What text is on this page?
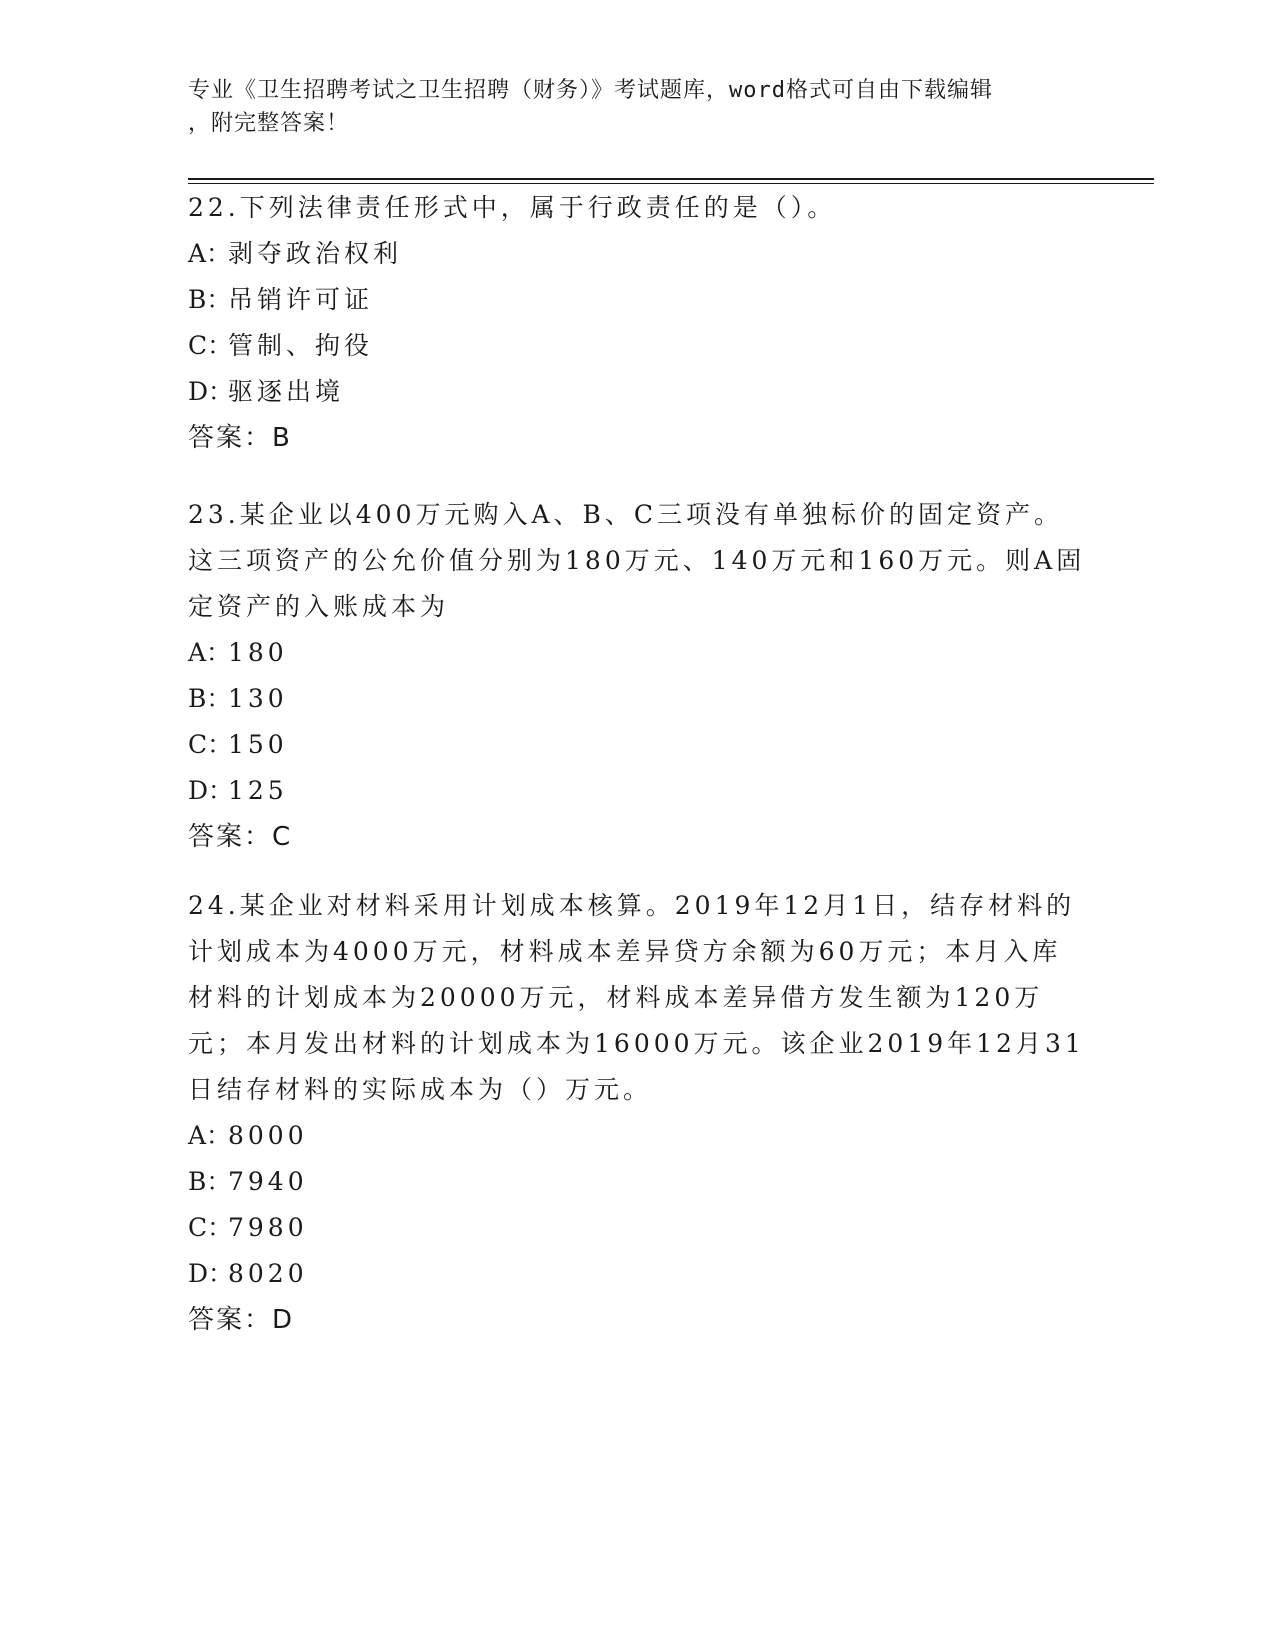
专业《卫生招聘考试之卫生招聘（财务）》考试题库，word格式可自由下载编辑
，附完整答案！

22.下列法律责任形式中，属于行政责任的是（）。

A：剥夺政治权利

B：吊销许可证

C：管制、拘役

D：驱逐出境

答案：B

23.某企业以400万元购入A、B、C三项没有单独标价的固定资产。这三项资产的公允价值分别为180万元、140万元和160万元。则A固定资产的入账成本为

A：180

B：130

C：150

D：125

答案：C

24.某企业对材料采用计划成本核算。2019年12月1日，结存材料的计划成本为4000万元，材料成本差异贷方余额为60万元；本月入库材料的计划成本为20000万元，材料成本差异借方发生额为120万元；本月发出材料的计划成本为16000万元。该企业2019年12月31日结存材料的实际成本为（）万元。

A：8000

B：7940

C：7980

D：8020

答案：D
